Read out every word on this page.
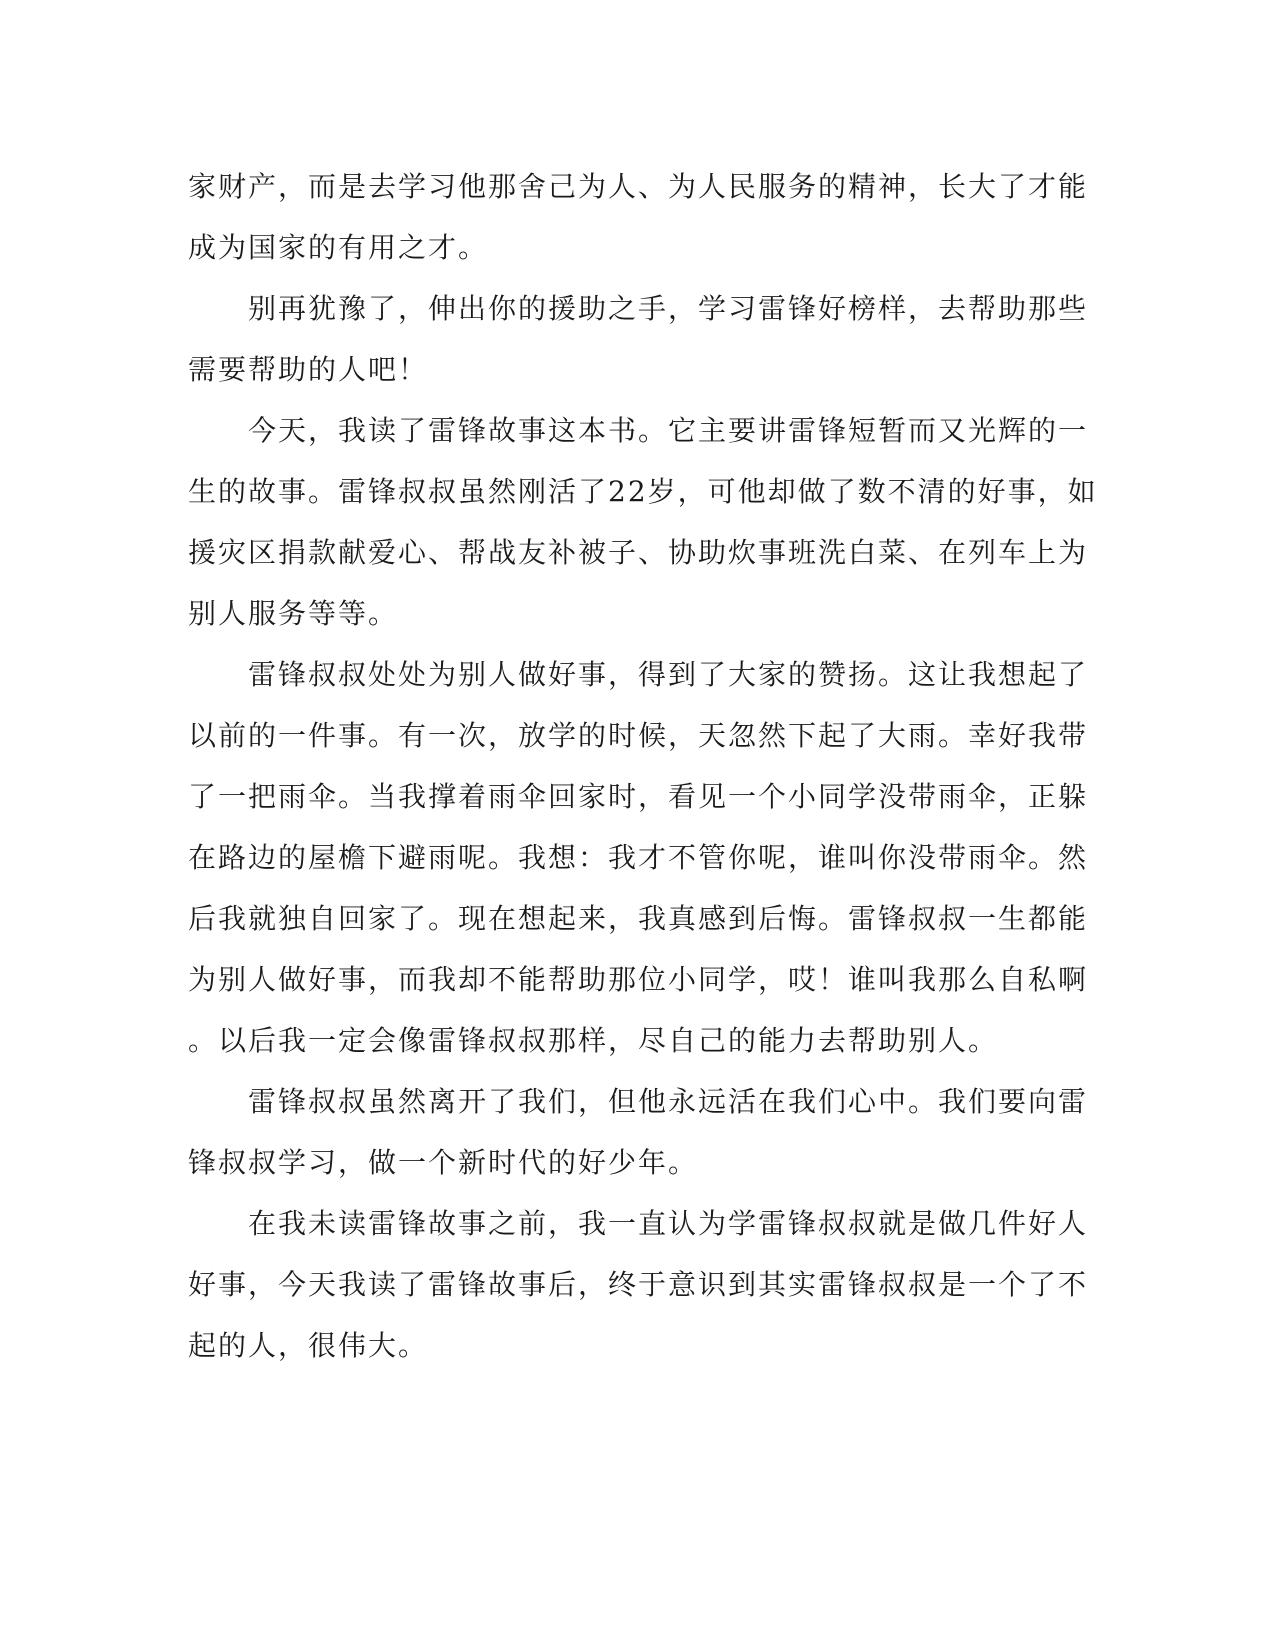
家财产，而是去学习他那舍己为人、为人民服务的精神，长大了才能
成为国家的有用之才。
　　别再犹豫了，伸出你的援助之手，学习雷锋好榜样，去帮助那些
需要帮助的人吧！
　　今天，我读了雷锋故事这本书。它主要讲雷锋短暂而又光辉的一
生的故事。雷锋叔叔虽然刚活了22岁，可他却做了数不清的好事，如
援灾区捐款献爱心、帮战友补被子、协助炊事班洗白菜、在列车上为
别人服务等等。
　　雷锋叔叔处处为别人做好事，得到了大家的赞扬。这让我想起了
以前的一件事。有一次，放学的时候，天忽然下起了大雨。幸好我带
了一把雨伞。当我撑着雨伞回家时，看见一个小同学没带雨伞，正躲
在路边的屋檐下避雨呢。我想：我才不管你呢，谁叫你没带雨伞。然
后我就独自回家了。现在想起来，我真感到后悔。雷锋叔叔一生都能
为别人做好事，而我却不能帮助那位小同学，哎！谁叫我那么自私啊
。以后我一定会像雷锋叔叔那样，尽自己的能力去帮助别人。
　　雷锋叔叔虽然离开了我们，但他永远活在我们心中。我们要向雷
锋叔叔学习，做一个新时代的好少年。
　　在我未读雷锋故事之前，我一直认为学雷锋叔叔就是做几件好人
好事，今天我读了雷锋故事后，终于意识到其实雷锋叔叔是一个了不
起的人，很伟大。
